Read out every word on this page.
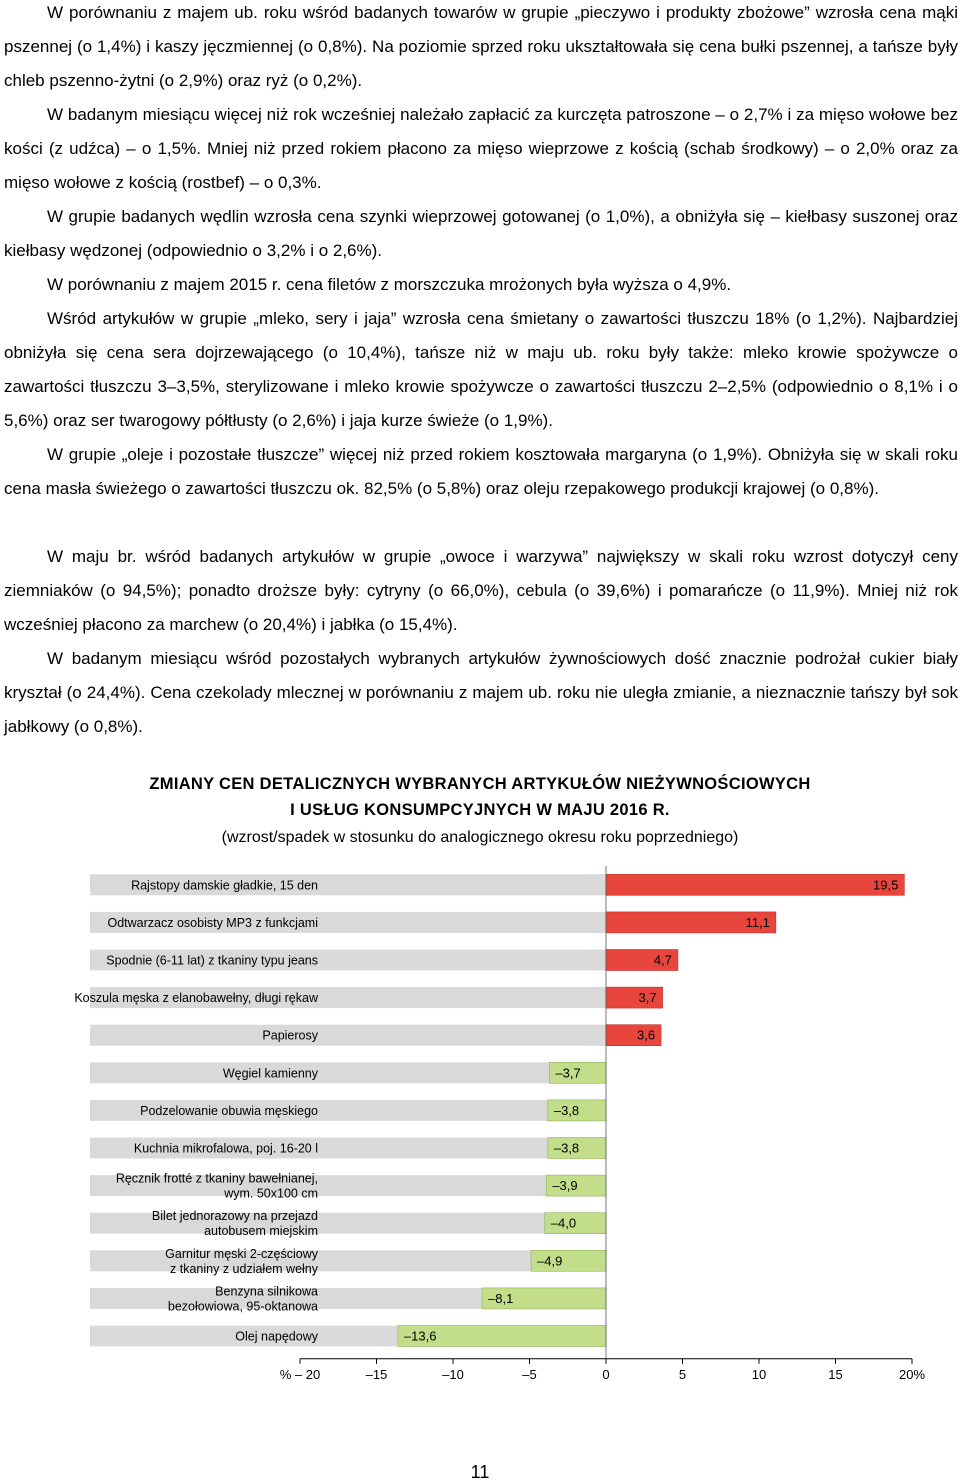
W porównaniu z majem ub. roku wśród badanych towarów w grupie „pieczywo i produkty zbożowe” wzrosła cena mąki pszennej (o 1,4%) i kaszy jęczmiennej (o 0,8%). Na poziomie sprzed roku ukształtowała się cena bułki pszennej, a tańsze były chleb pszenno-żytni (o 2,9%) oraz ryż (o 0,2%).

W badanym miesiącu więcej niż rok wcześniej należało zapłacić za kurczęta patroszone – o 2,7% i za mięso wołowe bez kości (z udźca) – o 1,5%. Mniej niż przed rokiem płacono za mięso wieprzowe z kością (schab środkowy) – o 2,0% oraz za mięso wołowe z kością (rostbef) – o 0,3%.

W grupie badanych wędlin wzrosła cena szynki wieprzowej gotowanej (o 1,0%), a obniżyła się – kiełbasy suszonej oraz kiełbasy wędzonej (odpowiednio o 3,2% i o 2,6%).

W porównaniu z majem 2015 r. cena filetów z morszczuka mrożonych była wyższa o 4,9%.

Wśród artykułów w grupie „mleko, sery i jaja” wzrosła cena śmietany o zawartości tłuszczu 18% (o 1,2%). Najbardziej obniżyła się cena sera dojrzewającego (o 10,4%), tańsze niż w maju ub. roku były także: mleko krowie spożywcze o zawartości tłuszczu 3–3,5%, sterylizowane i mleko krowie spożywcze o zawartości tłuszczu 2–2,5% (odpowiednio o 8,1% i o 5,6%) oraz ser twarogowy półtłusty (o 2,6%) i jaja kurze świeże (o 1,9%).

W grupie „oleje i pozostałe tłuszcze” więcej niż przed rokiem kosztowała margaryna (o 1,9%). Obniżyła się w skali roku cena masła świeżego o zawartości tłuszczu ok. 82,5% (o 5,8%) oraz oleju rzepakowego produkcji krajowej (o 0,8%).

W maju br. wśród badanych artykułów w grupie „owoce i warzywa” największy w skali roku wzrost dotyczył ceny ziemniaków (o 94,5%); ponadto droższe były: cytryny (o 66,0%), cebula (o 39,6%) i pomarańcze (o 11,9%). Mniej niż rok wcześniej płacono za marchew (o 20,4%) i jabłka (o 15,4%).

W badanym miesiącu wśród pozostałych wybranych artykułów żywnościowych dość znacznie podrożał cukier biały kryształ (o 24,4%). Cena czekolady mlecznej w porównaniu z majem ub. roku nie uległa zmianie, a nieznacznie tańszy był sok jabłkowy (o 0,8%).

ZMIANY CEN DETALICZNYCH WYBRANYCH ARTYKUŁÓW NIEŻYWNOŚCIOWYCH
I USŁUG KONSUMPCYJNYCH W MAJU 2016 R.
(wzrost/spadek w stosunku do analogicznego okresu roku poprzedniego)
Rajstopy damskie gładkie, 15 den	19,5
Odtwarzacz osobisty MP3 z funkcjami	11,1
Spodnie (6-11 lat) z tkaniny typu jeans	4,7
Koszula męska z elanobawełny, długi rękaw	3,7
Papierosy	3,6
Węgiel kamienny	–3,7
Podzelowanie obuwia męskiego	–3,8
Kuchnia mikrofalowa, poj. 16-20 l	–3,8
Ręcznik frotté z tkaniny bawełnianej,
wym. 50x100 cm
–3,9
Bilet jednorazowy na przejazd
autobusem miejskim
–4,0
Garnitur męski 2-częściowy
z tkaniny z udziałem wełny
–4,9
Benzyna silnikowa
bezołowiowa, 95-oktanowa
–8,1
Olej napędowy	–13,6
% – 20	–15	–10	–5	0	5	10	15	20%
11
